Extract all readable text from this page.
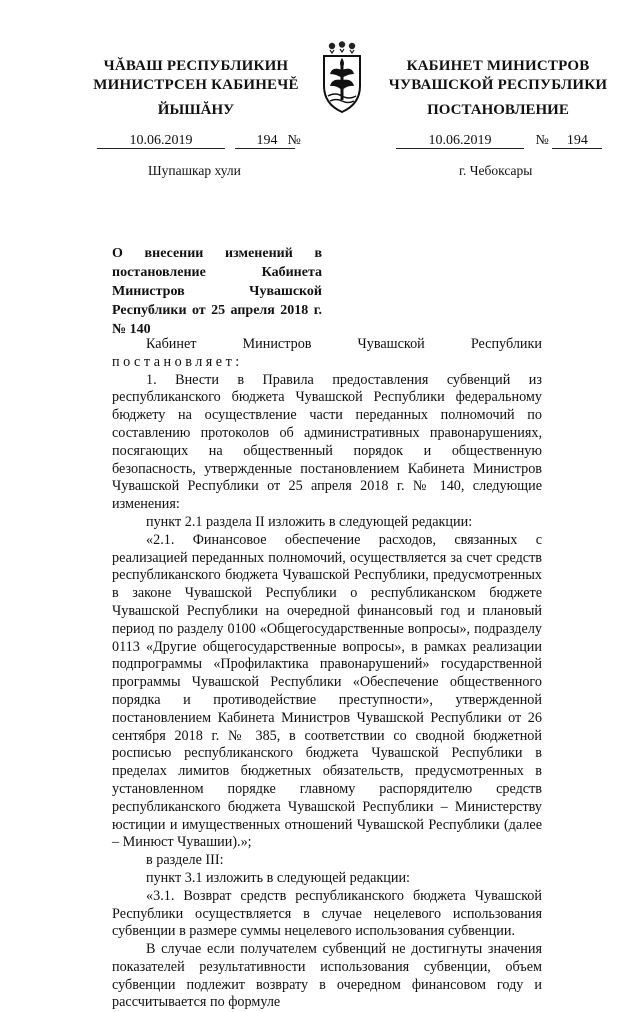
ЧĂВАШ РЕСПУБЛИКИН
МИНИСТРСЕН КАБИНЕЧĔ
ЙЫШĂНУ
КАБИНЕТ МИНИСТРОВ
ЧУВАШСКОЙ РЕСПУБЛИКИ
ПОСТАНОВЛЕНИЕ
10.06.2019	194 №	10.06.2019	№ 194
Шупашкар хули	г. Чебоксары
О внесении изменений в постановление Кабинета Министров Чувашской Республики от 25 апреля 2018 г. № 140

Кабинет Министров Чувашской Республики постановляет:

1. Внести в Правила предоставления субвенций из республиканского бюджета Чувашской Республики федеральному бюджету на осуществление части переданных полномочий по составлению протоколов об административных правонарушениях, посягающих на общественный порядок и общественную безопасность, утвержденные постановлением Кабинета Министров Чувашской Республики от 25 апреля 2018 г. № 140, следующие изменения:

пункт 2.1 раздела II изложить в следующей редакции:

«2.1. Финансовое обеспечение расходов, связанных с реализацией переданных полномочий, осуществляется за счет средств республиканского бюджета Чувашской Республики, предусмотренных в законе Чувашской Республики о республиканском бюджете Чувашской Республики на очередной финансовый год и плановый период по разделу 0100 «Общегосударственные вопросы», подразделу 0113 «Другие общегосударственные вопросы», в рамках реализации подпрограммы «Профилактика правонарушений» государственной программы Чувашской Республики «Обеспечение общественного порядка и противодействие преступности», утвержденной постановлением Кабинета Министров Чувашской Республики от 26 сентября 2018 г. № 385, в соответствии со сводной бюджетной росписью республиканского бюджета Чувашской Республики в пределах лимитов бюджетных обязательств, предусмотренных в установленном порядке главному распорядителю средств республиканского бюджета Чувашской Республики – Министерству юстиции и имущественных отношений Чувашской Республики (далее – Минюст Чувашии).»;

в разделе III:

пункт 3.1 изложить в следующей редакции:

«3.1. Возврат средств республиканского бюджета Чувашской Республики осуществляется в случае нецелевого использования субвенции в размере суммы нецелевого использования субвенции.

В случае если получателем субвенций не достигнуты значения показателей результативности использования субвенции, объем субвенции подлежит возврату в очередном финансовом году и рассчитывается по формуле
